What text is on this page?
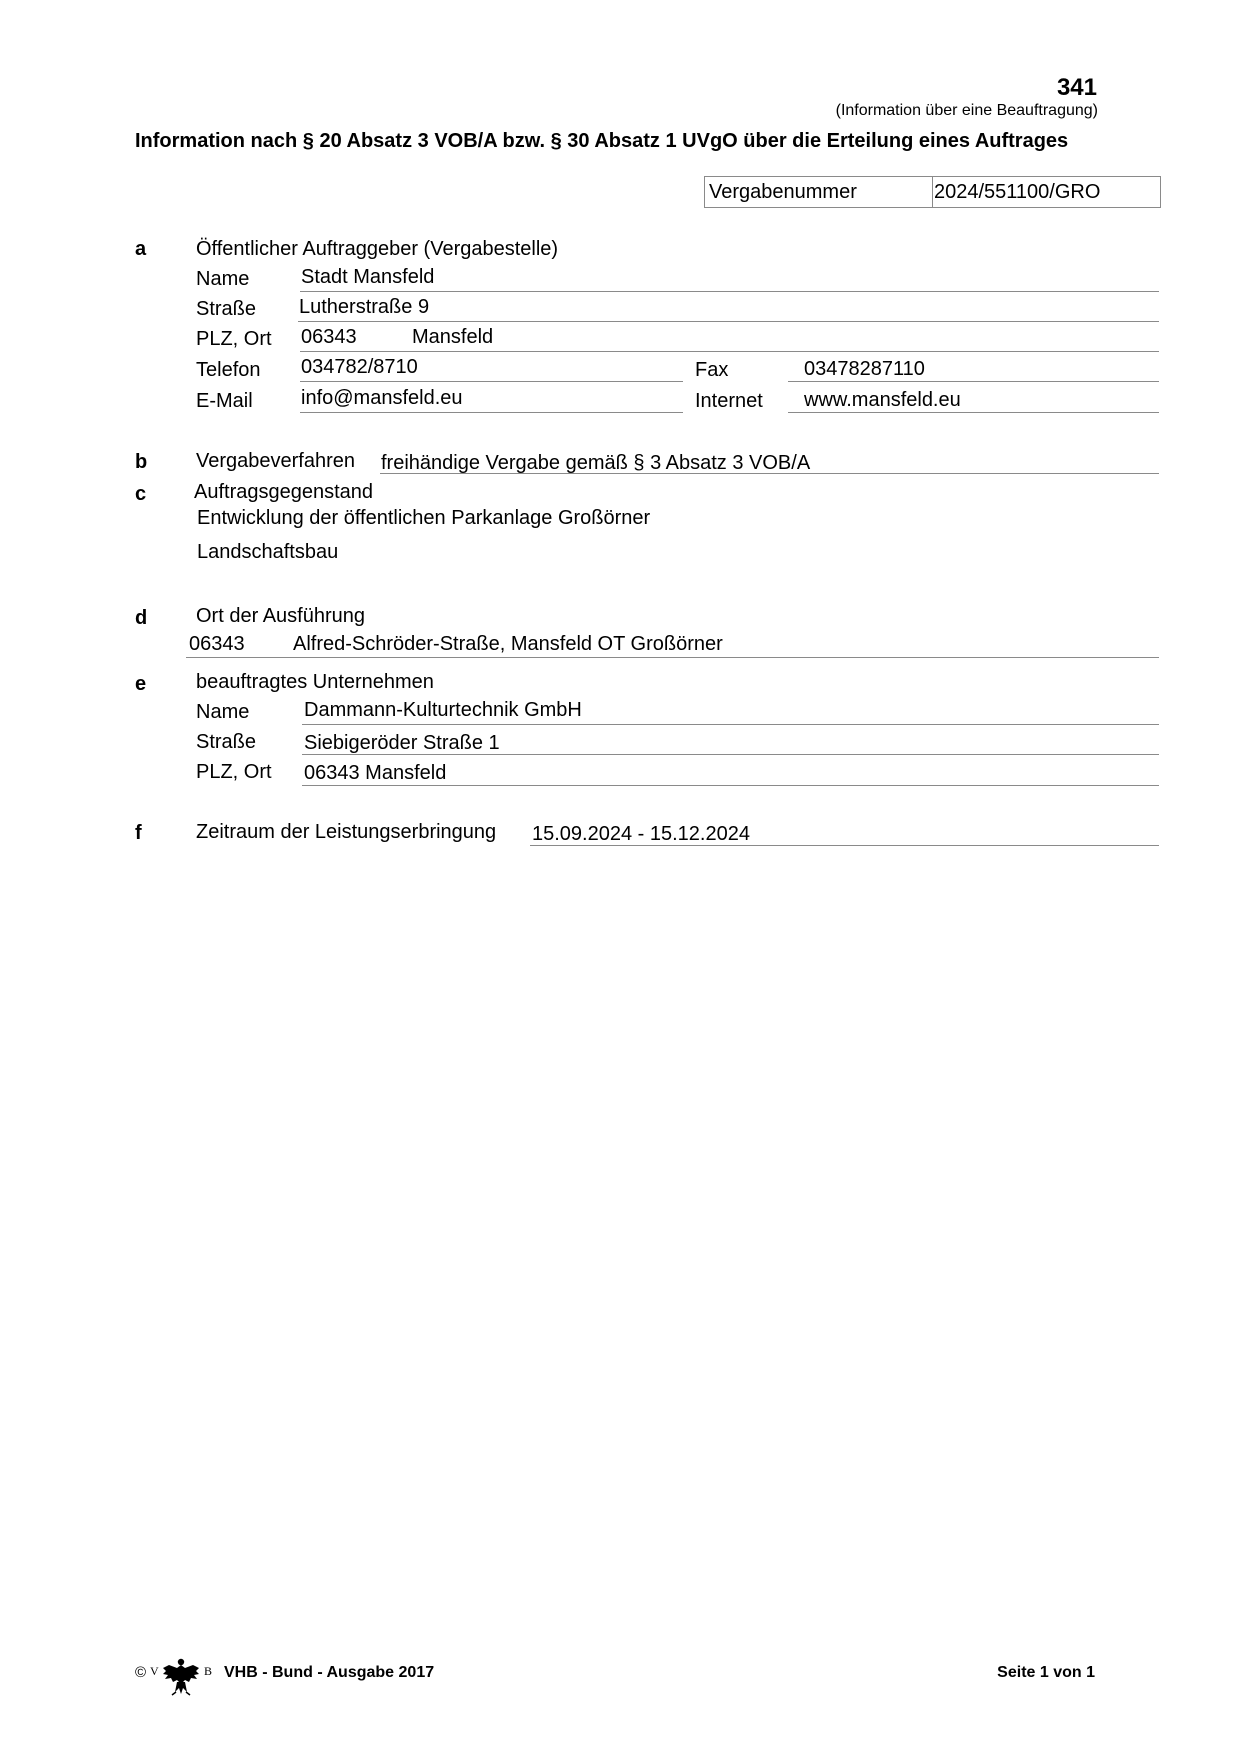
341
(Information über eine Beauftragung)
Information nach § 20 Absatz 3 VOB/A bzw. § 30 Absatz 1 UVgO über die Erteilung eines Auftrages
Vergabenummer	2024/551100/GRO
a Öffentlicher Auftraggeber (Vergabestelle)
Name	Stadt Mansfeld
Straße Lutherstraße 9
PLZ, Ort 06343	Mansfeld
Telefon 034782/8710	Fax	03478287110
E-Mail info@mansfeld.eu	Internet www.mansfeld.eu
b Vergabeverfahren freihändige Vergabe gemäß § 3 Absatz 3 VOB/A
c Auftragsgegenstand
Entwicklung der öffentlichen Parkanlage Großörner
Landschaftsbau
d Ort der Ausführung
06343 Alfred-Schröder-Straße, Mansfeld OT Großörner
e beauftragtes Unternehmen
Name	Dammann-Kulturtechnik GmbH
Straße Siebigeröder Straße 1
PLZ, Ort 06343 Mansfeld
f	Zeitraum der Leistungserbringung 15.09.2024 - 15.12.2024
© V	B VHB - Bund - Ausgabe 2017	Seite 1 von 1
